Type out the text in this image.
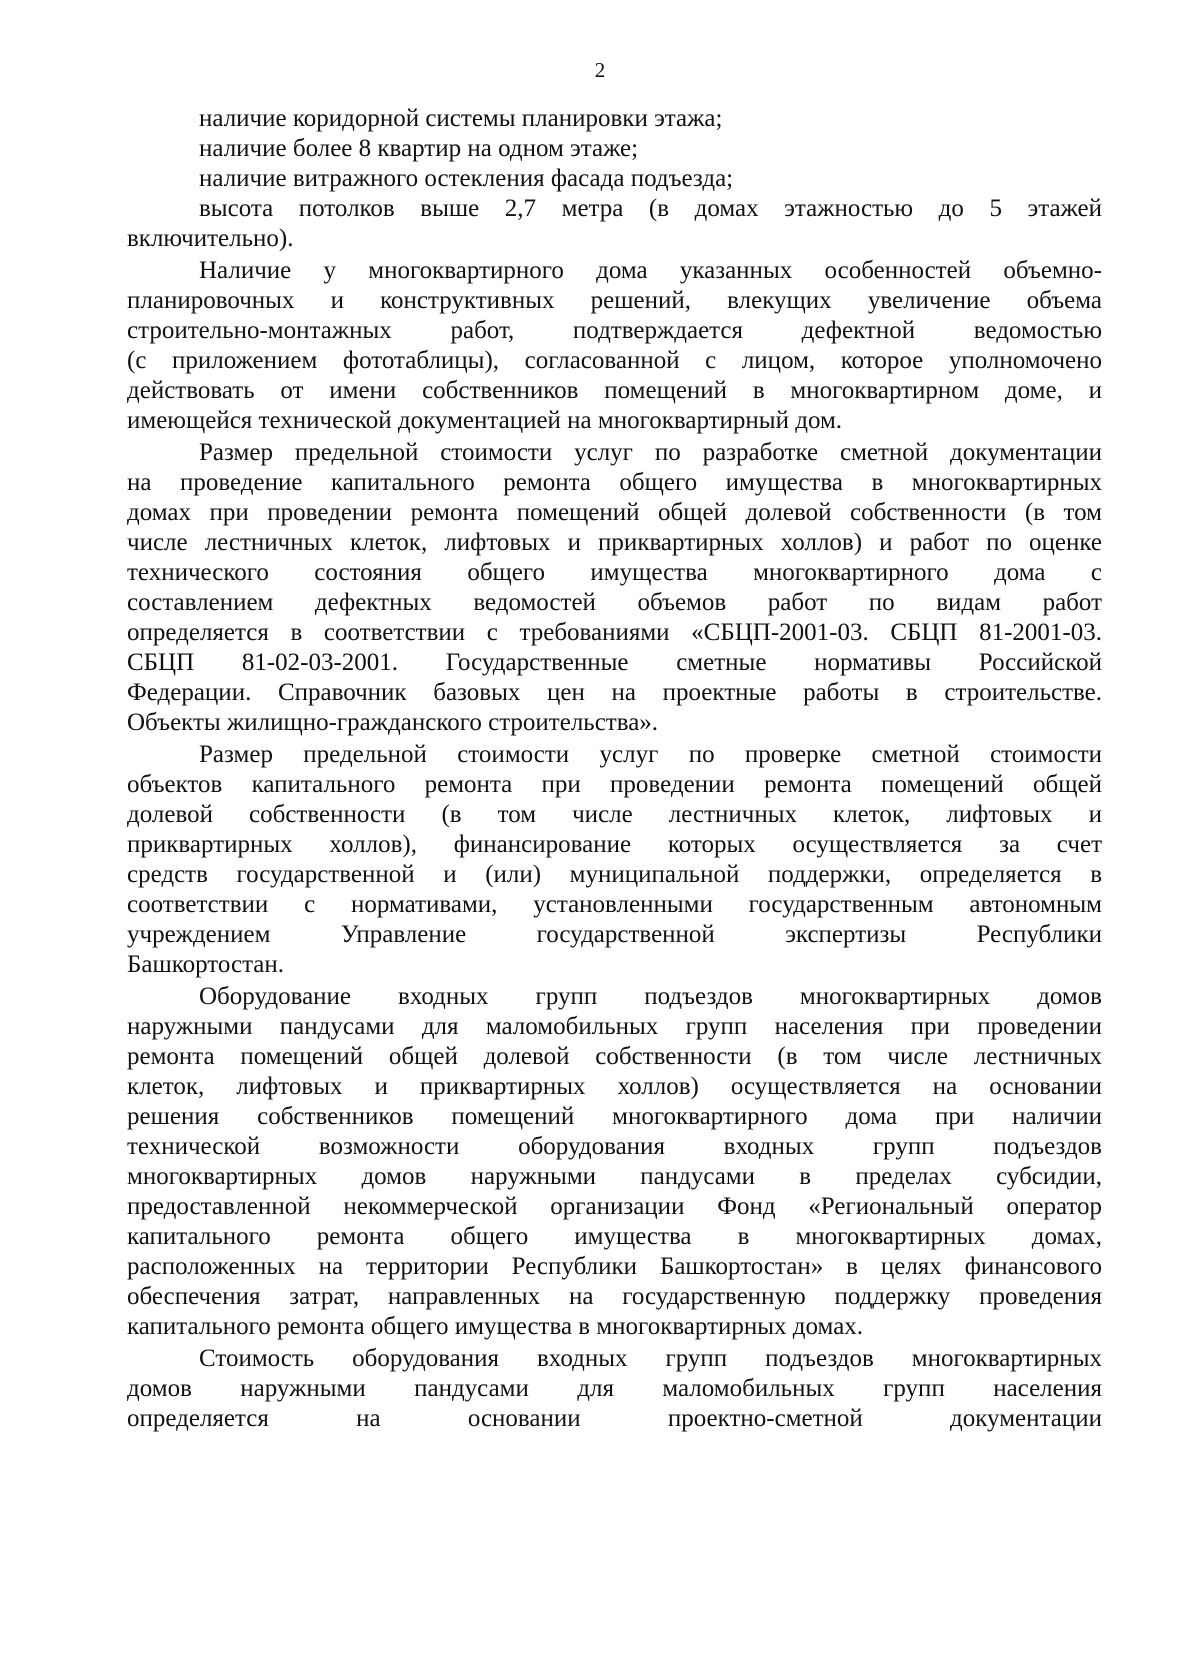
2
наличие коридорной системы планировки этажа;
наличие более 8 квартир на одном этаже;
наличие витражного остекления фасада подъезда;
высота потолков выше 2,7 метра (в домах этажностью до 5 этажей
включительно).
Наличие у многоквартирного дома указанных особенностей объемно-
планировочных и конструктивных решений, влекущих увеличение объема
строительно-монтажных работ, подтверждается дефектной ведомостью
(с приложением фототаблицы), согласованной с лицом, которое уполномочено
действовать от имени собственников помещений в многоквартирном доме, и
имеющейся технической документацией на многоквартирный дом.
Размер предельной стоимости услуг по разработке сметной документации
на проведение капитального ремонта общего имущества в многоквартирных
домах при проведении ремонта помещений общей долевой собственности (в том
числе лестничных клеток, лифтовых и приквартирных холлов) и работ по оценке
технического состояния общего имущества многоквартирного дома с
составлением дефектных ведомостей объемов работ по видам работ
определяется в соответствии с требованиями «СБЦП-2001-03. СБЦП 81-2001-03.
СБЦП 81-02-03-2001. Государственные сметные нормативы Российской
Федерации. Справочник базовых цен на проектные работы в строительстве.
Объекты жилищно-гражданского строительства».
Размер предельной стоимости услуг по проверке сметной стоимости
объектов капитального ремонта при проведении ремонта помещений общей
долевой собственности (в том числе лестничных клеток, лифтовых и
приквартирных холлов), финансирование которых осуществляется за счет
средств государственной и (или) муниципальной поддержки, определяется в
соответствии с нормативами, установленными государственным автономным
учреждением Управление государственной экспертизы Республики
Башкортостан.
Оборудование входных групп подъездов многоквартирных домов
наружными пандусами для маломобильных групп населения при проведении
ремонта помещений общей долевой собственности (в том числе лестничных
клеток, лифтовых и приквартирных холлов) осуществляется на основании
решения собственников помещений многоквартирного дома при наличии
технической возможности оборудования входных групп подъездов
многоквартирных домов наружными пандусами в пределах субсидии,
предоставленной некоммерческой организации Фонд «Региональный оператор
капитального ремонта общего имущества в многоквартирных домах,
расположенных на территории Республики Башкортостан» в целях финансового
обеспечения затрат, направленных на государственную поддержку проведения
капитального ремонта общего имущества в многоквартирных домах.
Стоимость оборудования входных групп подъездов многоквартирных
домов наружными пандусами для маломобильных групп населения
определяется на основании проектно-сметной документации
